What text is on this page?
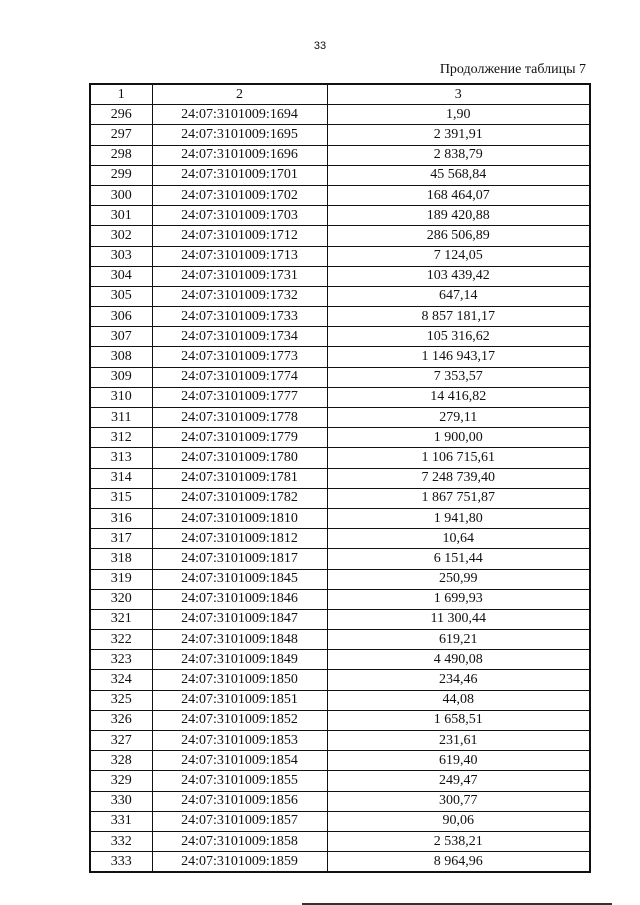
33
Продолжение таблицы 7
1	2	3
296	24:07:3101009:1694	1,90
297	24:07:3101009:1695	2 391,91
298	24:07:3101009:1696	2 838,79
299	24:07:3101009:1701	45 568,84
300	24:07:3101009:1702	168 464,07
301	24:07:3101009:1703	189 420,88
302	24:07:3101009:1712	286 506,89
303	24:07:3101009:1713	7 124,05
304	24:07:3101009:1731	103 439,42
305	24:07:3101009:1732	647,14
306	24:07:3101009:1733	8 857 181,17
307	24:07:3101009:1734	105 316,62
308	24:07:3101009:1773	1 146 943,17
309	24:07:3101009:1774	7 353,57
310	24:07:3101009:1777	14 416,82
311	24:07:3101009:1778	279,11
312	24:07:3101009:1779	1 900,00
313	24:07:3101009:1780	1 106 715,61
314	24:07:3101009:1781	7 248 739,40
315	24:07:3101009:1782	1 867 751,87
316	24:07:3101009:1810	1 941,80
317	24:07:3101009:1812	10,64
318	24:07:3101009:1817	6 151,44
319	24:07:3101009:1845	250,99
320	24:07:3101009:1846	1 699,93
321	24:07:3101009:1847	11 300,44
322	24:07:3101009:1848	619,21
323	24:07:3101009:1849	4 490,08
324	24:07:3101009:1850	234,46
325	24:07:3101009:1851	44,08
326	24:07:3101009:1852	1 658,51
327	24:07:3101009:1853	231,61
328	24:07:3101009:1854	619,40
329	24:07:3101009:1855	249,47
330	24:07:3101009:1856	300,77
331	24:07:3101009:1857	90,06
332	24:07:3101009:1858	2 538,21
333	24:07:3101009:1859	8 964,96
